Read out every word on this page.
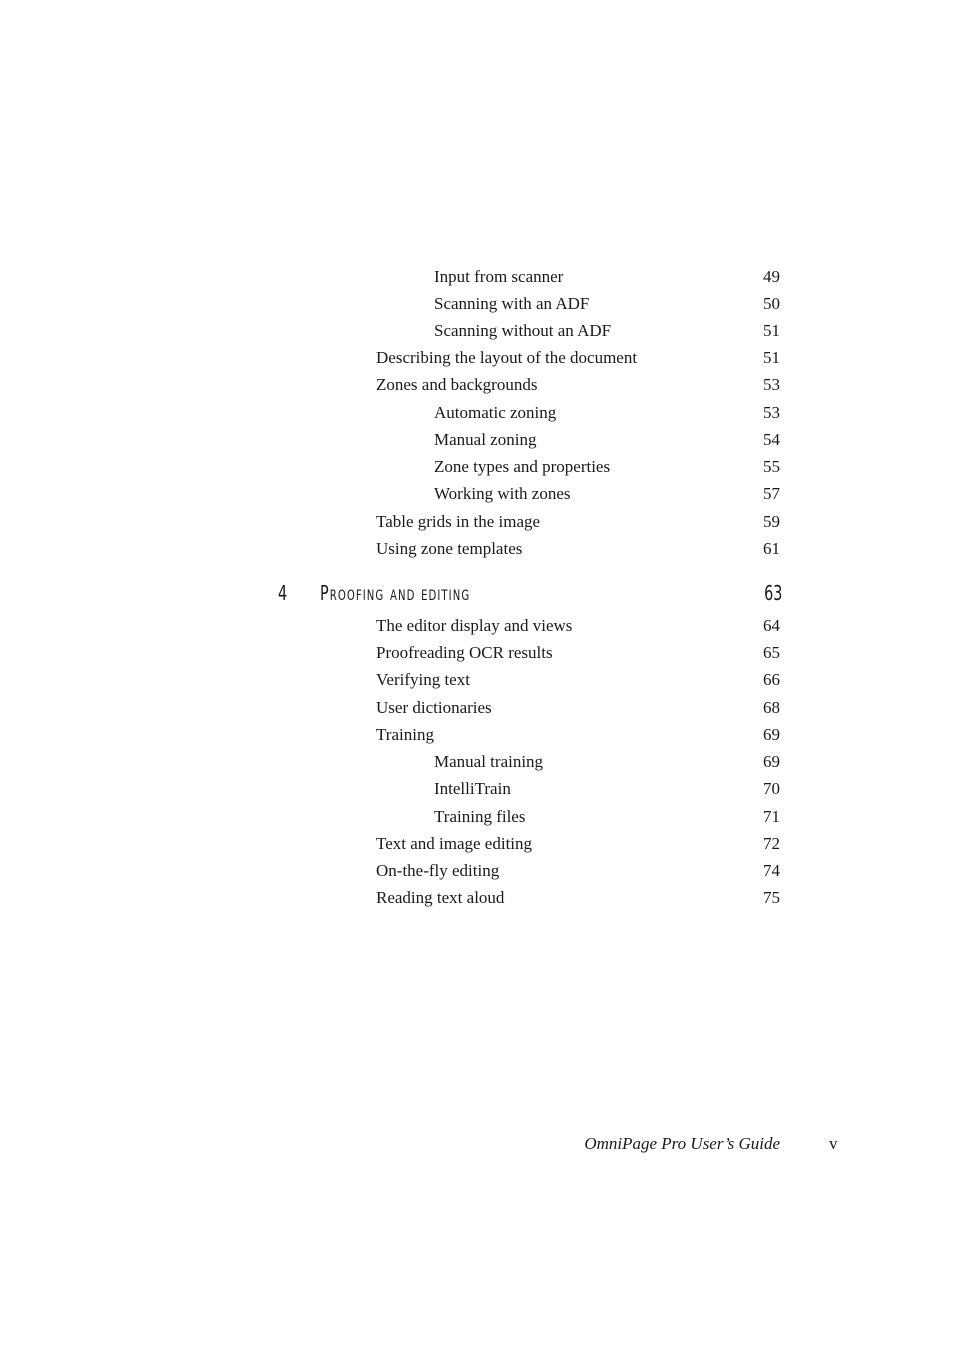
Input from scanner	49
Scanning with an ADF	50
Scanning without an ADF	51
Describing the layout of the document	51
Zones and backgrounds	53
Automatic zoning	53
Manual zoning	54
Zone types and properties	55
Working with zones	57
Table grids in the image	59
Using zone templates	61
4 Proofing and editing	63
The editor display and views	64
Proofreading OCR results	65
Verifying text	66
User dictionaries	68
Training	69
Manual training	69
IntelliTrain	70
Training files	71
Text and image editing	72
On-the-fly editing	74
Reading text aloud	75
OmniPage Pro User’s Guide	v
